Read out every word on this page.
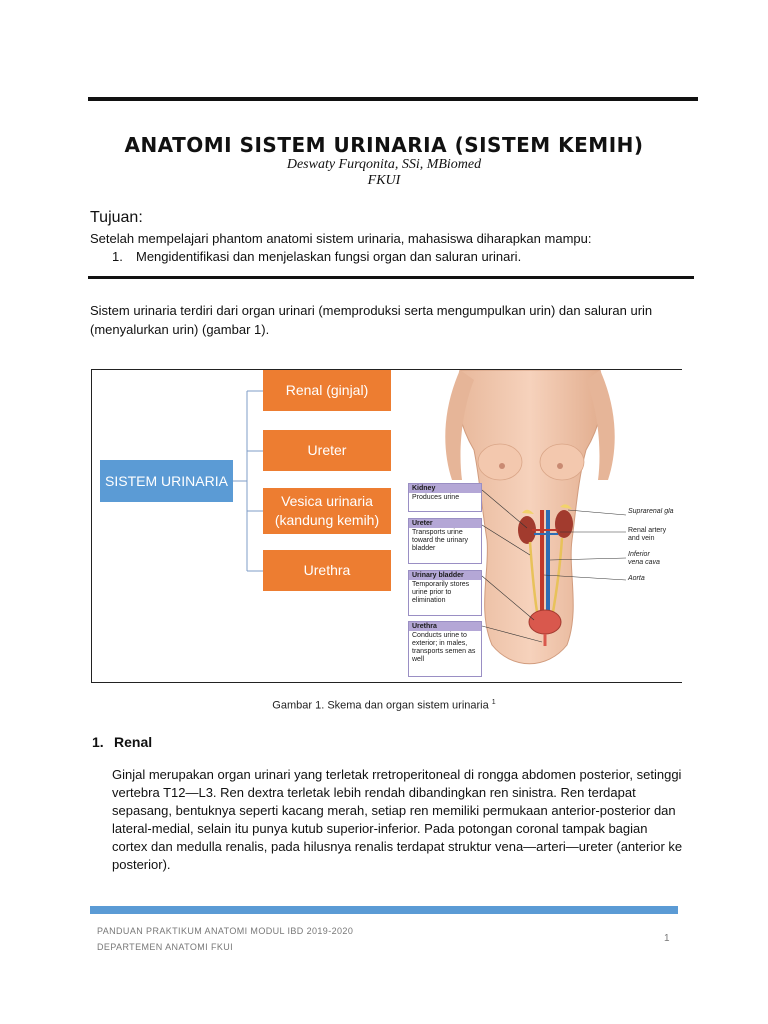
ANATOMI SISTEM URINARIA (SISTEM KEMIH)
Deswaty Furqonita, SSi, MBiomed
FKUI
Tujuan:
Setelah mempelajari phantom anatomi sistem urinaria, mahasiswa diharapkan mampu:
1. Mengidentifikasi dan menjelaskan fungsi organ dan saluran urinari.
Sistem urinaria terdiri dari organ urinari (memproduksi serta mengumpulkan urin) dan saluran urin (menyalurkan urin) (gambar 1).
SISTEM URINARIA
Renal (ginjal)
Ureter
Vesica urinaria (kandung kemih)
Urethra
Kidney
Produces urine
Ureter
Transports urine toward the urinary bladder
Urinary bladder
Temporarily stores urine prior to elimination
Urethra
Conducts urine to exterior; in males, transports semen as well
Suprarenal gla
Renal artery
and vein
Inferior
vena cava
Aorta
Gambar 1. Skema dan organ sistem urinaria $^1$
1. Renal
Ginjal merupakan organ urinari yang terletak rretroperitoneal di rongga abdomen posterior, setinggi vertebra T12—L3. Ren dextra terletak lebih rendah dibandingkan ren sinistra. Ren terdapat sepasang, bentuknya seperti kacang merah, setiap ren memiliki permukaan anterior-posterior dan lateral-medial, selain itu punya kutub superior-inferior. Pada potongan coronal tampak bagian cortex dan medulla renalis, pada hilusnya renalis terdapat struktur vena—arteri—ureter (anterior ke posterior).
PANDUAN PRAKTIKUM ANATOMI MODUL IBD 2019-2020
DEPARTEMEN ANATOMI FKUI
1
